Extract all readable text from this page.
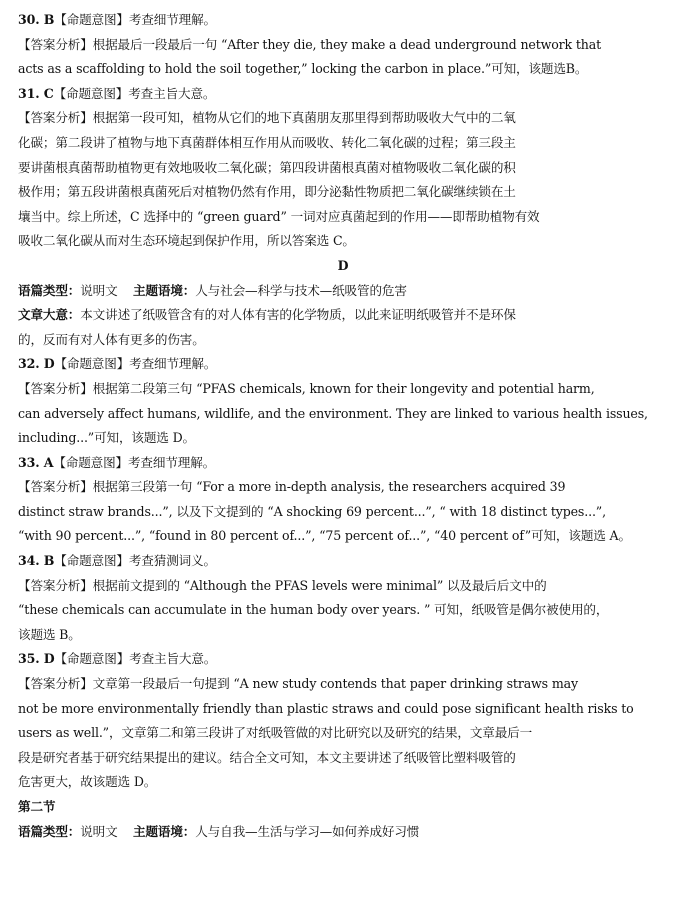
30. B【命题意图】考查细节理解。
【答案分析】根据最后一段最后一句 “After they die, they make a dead underground network that
acts as a scaffolding to hold the soil together,” locking the carbon in place.”可知，该题选B。
31. C【命题意图】考查主旨大意。
【答案分析】根据第一段可知，植物从它们的地下真菌朋友那里得到帮助吸收大气中的二氧
化碳；第二段讲了植物与地下真菌群体相互作用从而吸收、转化二氧化碳的过程；第三段主
要讲菌根真菌帮助植物更有效地吸收二氧化碳；第四段讲菌根真菌对植物吸收二氧化碳的积
极作用；第五段讲菌根真菌死后对植物仍然有作用，即分泌黏性物质把二氧化碳继续锁在土
壤当中。综上所述，C 选择中的 “green guard” 一词对应真菌起到的作用——即帮助植物有效
吸收二氧化碳从而对生态环境起到保护作用，所以答案选 C。
D
语篇类型：说明文 主题语境：人与社会—科学与技术—纸吸管的危害
文章大意：本文讲述了纸吸管含有的对人体有害的化学物质，以此来证明纸吸管并不是环保
的，反而有对人体有更多的伤害。
32. D【命题意图】考查细节理解。
【答案分析】根据第二段第三句 “PFAS chemicals, known for their longevity and potential harm,
can adversely affect humans, wildlife, and the environment. They are linked to various health issues,
including...”可知，该题选 D。
33. A【命题意图】考查细节理解。
【答案分析】根据第三段第一句 “For a more in-depth analysis, the researchers acquired 39
distinct straw brands...”, 以及下文提到的 “A shocking 69 percent...”, “ with 18 distinct types...”,
“with 90 percent...”, “found in 80 percent of...”, “75 percent of...”, “40 percent of”可知，该题选 A。
34. B【命题意图】考查猜测词义。
【答案分析】根据前文提到的 “Although the PFAS levels were minimal” 以及最后后文中的
“these chemicals can accumulate in the human body over years. ” 可知，纸吸管是偶尔被使用的，
该题选 B。
35. D【命题意图】考查主旨大意。
【答案分析】文章第一段最后一句提到 “A new study contends that paper drinking straws may
not be more environmentally friendly than plastic straws and could pose significant health risks to
users as well.”，文章第二和第三段讲了对纸吸管做的对比研究以及研究的结果，文章最后一
段是研究者基于研究结果提出的建议。结合全文可知，本文主要讲述了纸吸管比塑料吸管的
危害更大，故该题选 D。
第二节
语篇类型：说明文 主题语境：人与自我—生活与学习—如何养成好习惯
